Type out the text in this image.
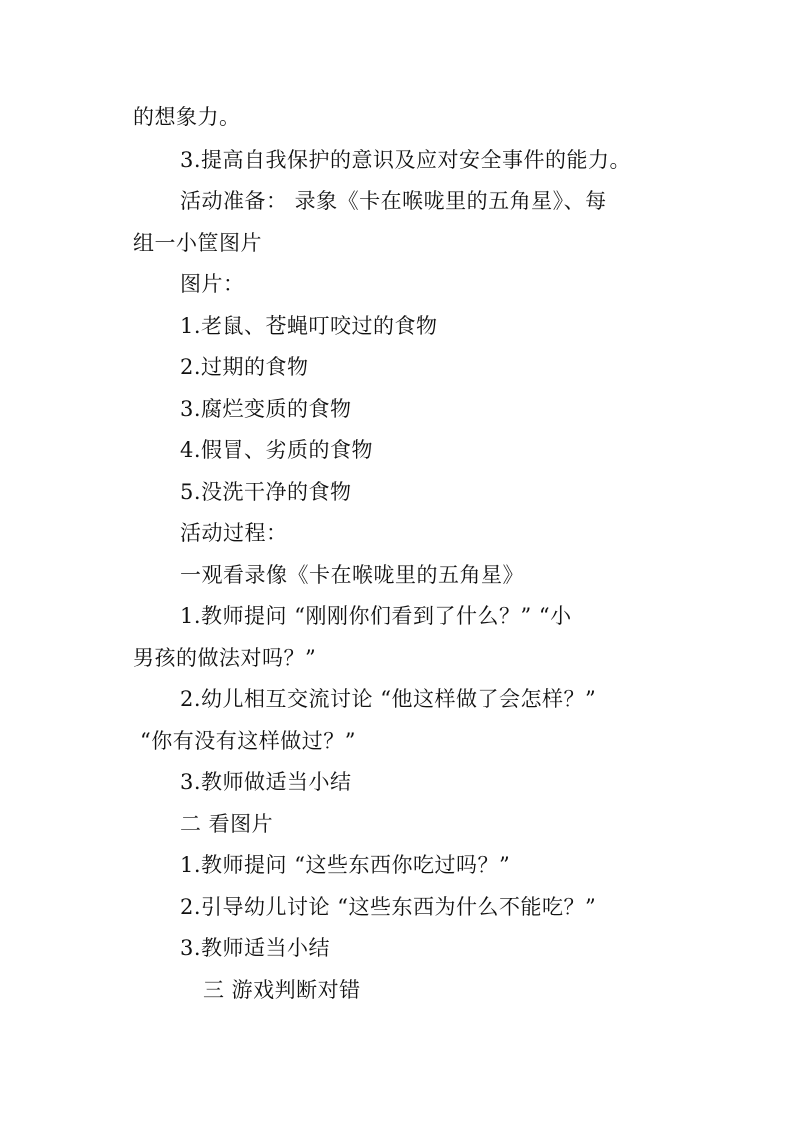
的想象力。
3.提高自我保护的意识及应对安全事件的能力。
活动准备： 录象《卡在喉咙里的五角星》、每
组一小筐图片
图片：
1.老鼠、苍蝇叮咬过的食物
2.过期的食物
3.腐烂变质的食物
4.假冒、劣质的食物
5.没洗干净的食物
活动过程：
一观看录像《卡在喉咙里的五角星》
1.教师提问 “刚刚你们看到了什么？” “小
男孩的做法对吗？”
2.幼儿相互交流讨论 “他这样做了会怎样？”
“你有没有这样做过？”
3.教师做适当小结
二 看图片
1.教师提问 “这些东西你吃过吗？”
2.引导幼儿讨论 “这些东西为什么不能吃？”
3.教师适当小结
三 游戏判断对错
